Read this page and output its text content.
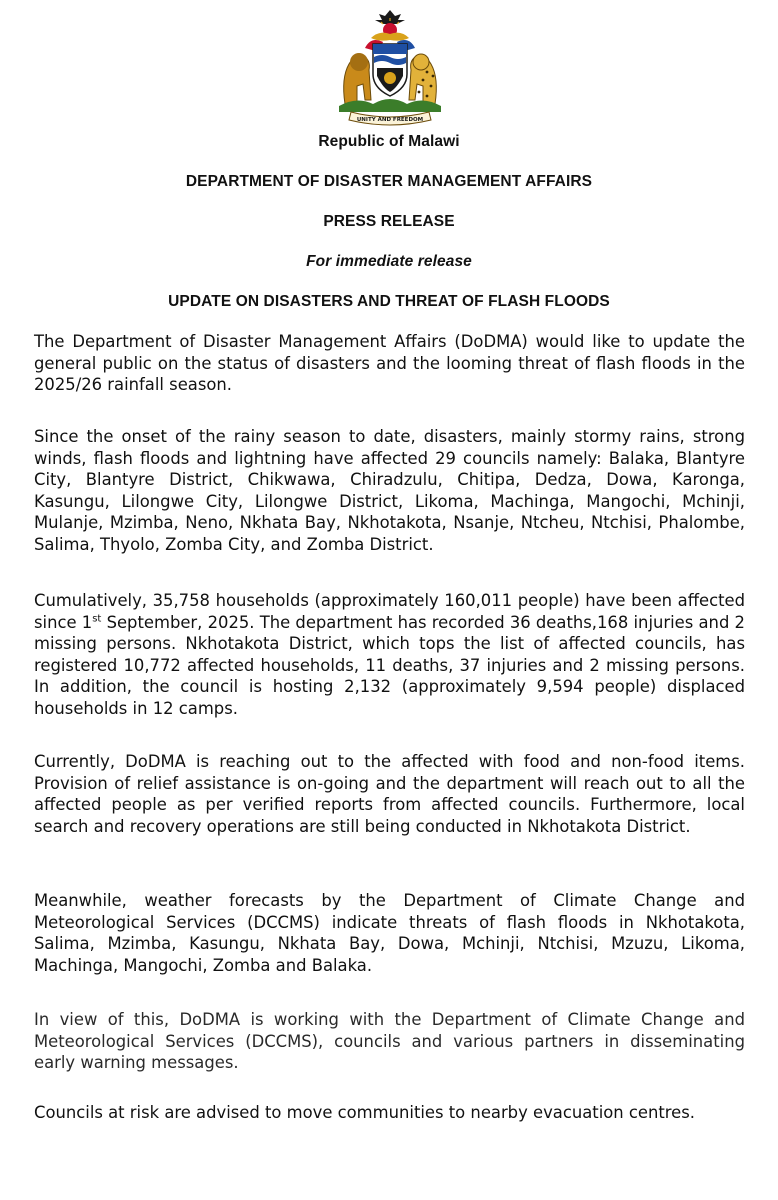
UNITY AND FREEDOM
Republic of Malawi
DEPARTMENT OF DISASTER MANAGEMENT AFFAIRS
PRESS RELEASE
For immediate release
UPDATE ON DISASTERS AND THREAT OF FLASH FLOODS

The Department of Disaster Management Affairs (DoDMA) would like to update the general public on the status of disasters and the looming threat of flash floods in the 2025/26 rainfall season.

Since the onset of the rainy season to date, disasters, mainly stormy rains, strong winds, flash floods and lightning have affected 29 councils namely: Balaka, Blantyre City, Blantyre District, Chikwawa, Chiradzulu, Chitipa, Dedza, Dowa, Karonga, Kasungu, Lilongwe City, Lilongwe District, Likoma, Machinga, Mangochi, Mchinji, Mulanje, Mzimba, Neno, Nkhata Bay, Nkhotakota, Nsanje, Ntcheu, Ntchisi, Phalombe, Salima, Thyolo, Zomba City, and Zomba District.

Cumulatively, 35,758 households (approximately 160,011 people) have been affected since 1st September, 2025. The department has recorded 36 deaths,168 injuries and 2 missing persons. Nkhotakota District, which tops the list of affected councils, has registered 10,772 affected households, 11 deaths, 37 injuries and 2 missing persons. In addition, the council is hosting 2,132 (approximately 9,594 people) displaced households in 12 camps.

Currently, DoDMA is reaching out to the affected with food and non-food items. Provision of relief assistance is on-going and the department will reach out to all the affected people as per verified reports from affected councils. Furthermore, local search and recovery operations are still being conducted in Nkhotakota District.

Meanwhile, weather forecasts by the Department of Climate Change and Meteorological Services (DCCMS) indicate threats of flash floods in Nkhotakota, Salima, Mzimba, Kasungu, Nkhata Bay, Dowa, Mchinji, Ntchisi, Mzuzu, Likoma, Machinga, Mangochi, Zomba and Balaka.

In view of this, DoDMA is working with the Department of Climate Change and Meteorological Services (DCCMS), councils and various partners in disseminating early warning messages.

Councils at risk are advised to move communities to nearby evacuation centres.
